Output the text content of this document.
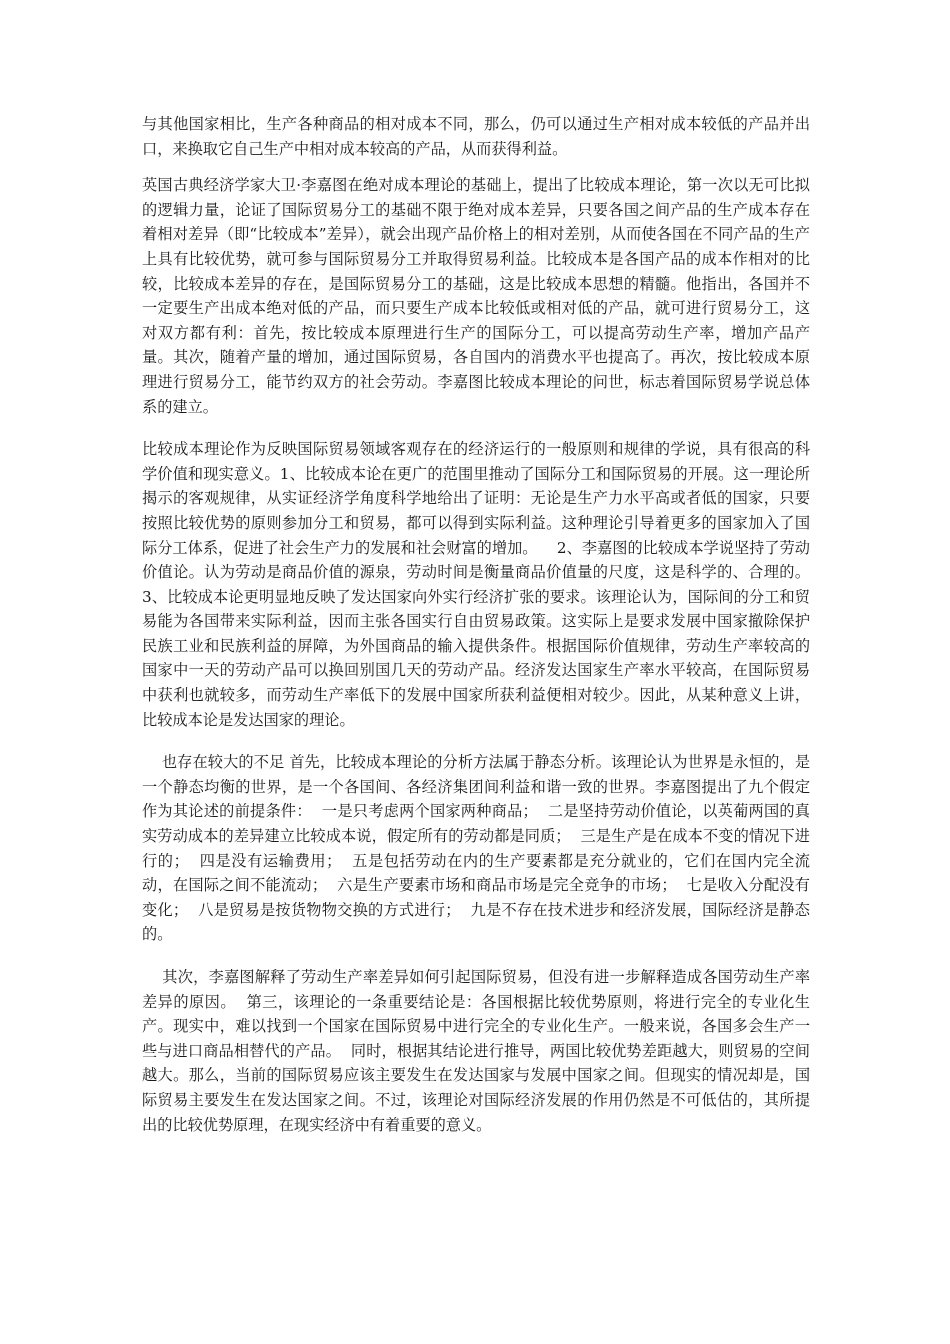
与其他国家相比，生产各种商品的相对成本不同，那么，仍可以通过生产相对成本较低的产品并出口，来换取它自己生产中相对成本较高的产品，从而获得利益。

英国古典经济学家大卫·李嘉图在绝对成本理论的基础上，提出了比较成本理论，第一次以无可比拟的逻辑力量，论证了国际贸易分工的基础不限于绝对成本差异，只要各国之间产品的生产成本存在着相对差异（即“比较成本”差异），就会出现产品价格上的相对差别，从而使各国在不同产品的生产上具有比较优势，就可参与国际贸易分工并取得贸易利益。比较成本是各国产品的成本作相对的比较，比较成本差异的存在，是国际贸易分工的基础，这是比较成本思想的精髓。他指出，各国并不一定要生产出成本绝对低的产品，而只要生产成本比较低或相对低的产品，就可进行贸易分工，这对双方都有利：首先，按比较成本原理进行生产的国际分工，可以提高劳动生产率，增加产品产量。其次，随着产量的增加，通过国际贸易，各自国内的消费水平也提高了。再次，按比较成本原理进行贸易分工，能节约双方的社会劳动。李嘉图比较成本理论的问世，标志着国际贸易学说总体系的建立。

比较成本理论作为反映国际贸易领域客观存在的经济运行的一般原则和规律的学说，具有很高的科学价值和现实意义。1、比较成本论在更广的范围里推动了国际分工和国际贸易的开展。这一理论所揭示的客观规律，从实证经济学角度科学地给出了证明：无论是生产力水平高或者低的国家，只要按照比较优势的原则参加分工和贸易，都可以得到实际利益。这种理论引导着更多的国家加入了国际分工体系，促进了社会生产力的发展和社会财富的增加。    2、李嘉图的比较成本学说坚持了劳动价值论。认为劳动是商品价值的源泉，劳动时间是衡量商品价值量的尺度，这是科学的、合理的。3、比较成本论更明显地反映了发达国家向外实行经济扩张的要求。该理论认为，国际间的分工和贸易能为各国带来实际利益，因而主张各国实行自由贸易政策。这实际上是要求发展中国家撤除保护民族工业和民族利益的屏障，为外国商品的输入提供条件。根据国际价值规律，劳动生产率较高的国家中一天的劳动产品可以换回别国几天的劳动产品。经济发达国家生产率水平较高，在国际贸易中获利也就较多，而劳动生产率低下的发展中国家所获利益便相对较少。因此，从某种意义上讲，比较成本论是发达国家的理论。

也存在较大的不足 首先，比较成本理论的分析方法属于静态分析。该理论认为世界是永恒的，是一个静态均衡的世界，是一个各国间、各经济集团间利益和谐一致的世界。李嘉图提出了九个假定作为其论述的前提条件：  一是只考虑两个国家两种商品；  二是坚持劳动价值论，以英葡两国的真实劳动成本的差异建立比较成本说，假定所有的劳动都是同质；  三是生产是在成本不变的情况下进行的；  四是没有运输费用；  五是包括劳动在内的生产要素都是充分就业的，它们在国内完全流动，在国际之间不能流动；  六是生产要素市场和商品市场是完全竞争的市场；  七是收入分配没有变化；  八是贸易是按货物物交换的方式进行；  九是不存在技术进步和经济发展，国际经济是静态的。

其次，李嘉图解释了劳动生产率差异如何引起国际贸易，但没有进一步解释造成各国劳动生产率差异的原因。  第三，该理论的一条重要结论是：各国根据比较优势原则，将进行完全的专业化生产。现实中，难以找到一个国家在国际贸易中进行完全的专业化生产。一般来说，各国多会生产一些与进口商品相替代的产品。  同时，根据其结论进行推导，两国比较优势差距越大，则贸易的空间越大。那么，当前的国际贸易应该主要发生在发达国家与发展中国家之间。但现实的情况却是，国际贸易主要发生在发达国家之间。不过，该理论对国际经济发展的作用仍然是不可低估的，其所提出的比较优势原理，在现实经济中有着重要的意义。
